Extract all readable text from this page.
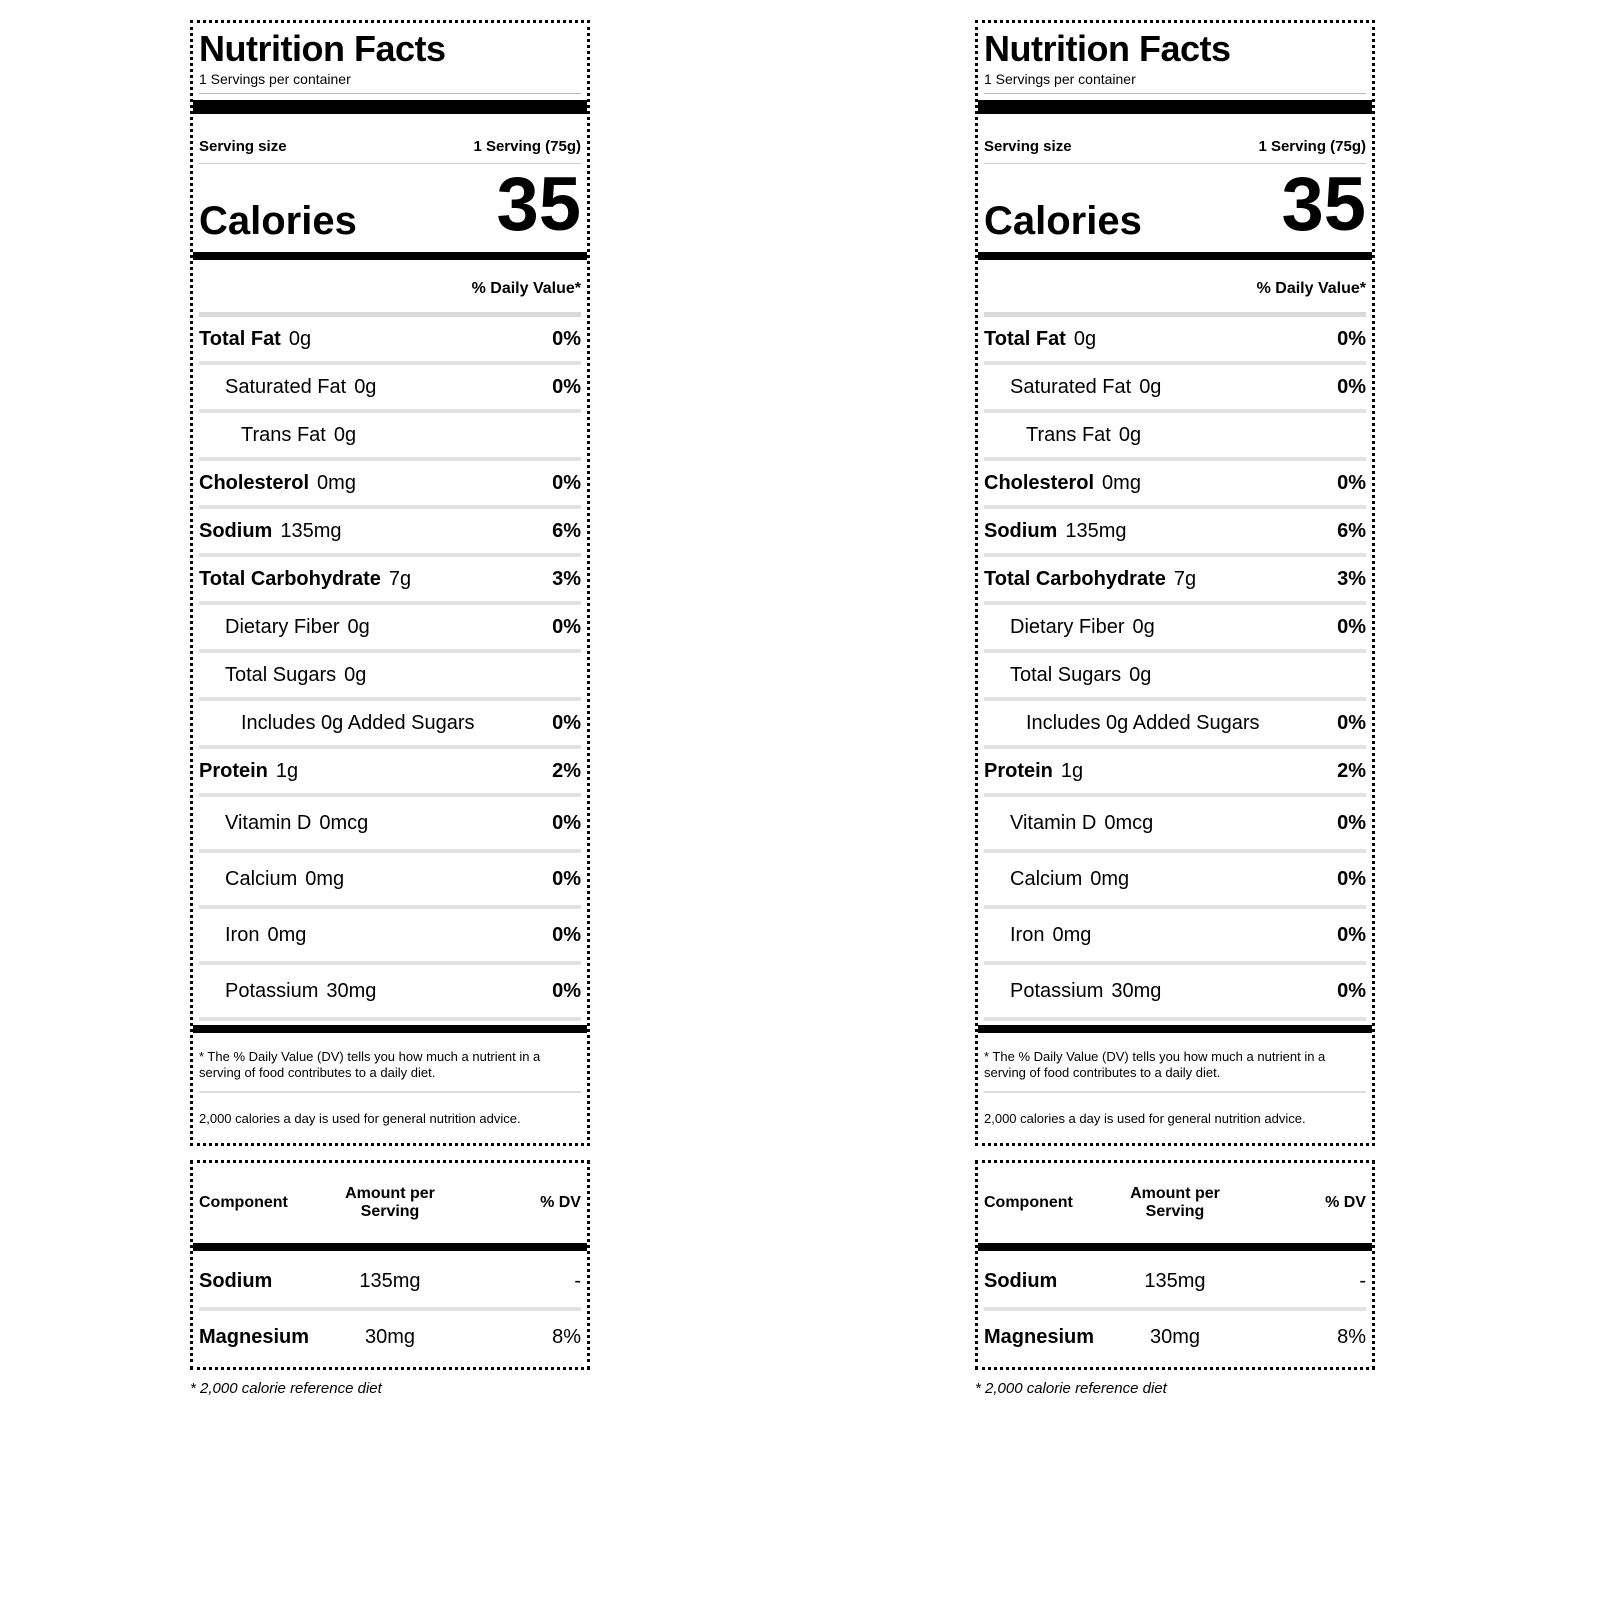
Nutrition Facts
1 Servings per container
Serving size	1 Serving (75g)
Calories 35
% Daily Value*
Total Fat 0g	0%
Saturated Fat 0g	0%
Trans Fat 0g
Cholesterol 0mg	0%
Sodium 135mg	6%
Total Carbohydrate 7g	3%
Dietary Fiber 0g	0%
Total Sugars 0g
Includes 0g Added Sugars	0%
Protein 1g	2%
Vitamin D 0mcg	0%
Calcium 0mg	0%
Iron 0mg	0%
Potassium 30mg	0%
* The % Daily Value (DV) tells you how much a nutrient in a serving of food contributes to a daily diet.
2,000 calories a day is used for general nutrition advice.
Component
Amount per Serving
% DV
Sodium	135mg	-
Magnesium	30mg	8%
* 2,000 calorie reference diet
Nutrition Facts
1 Servings per container
Serving size	1 Serving (75g)
Calories 35
% Daily Value*
Total Fat 0g	0%
Saturated Fat 0g	0%
Trans Fat 0g
Cholesterol 0mg	0%
Sodium 135mg	6%
Total Carbohydrate 7g	3%
Dietary Fiber 0g	0%
Total Sugars 0g
Includes 0g Added Sugars	0%
Protein 1g	2%
Vitamin D 0mcg	0%
Calcium 0mg	0%
Iron 0mg	0%
Potassium 30mg	0%
* The % Daily Value (DV) tells you how much a nutrient in a serving of food contributes to a daily diet.
2,000 calories a day is used for general nutrition advice.
Component
Amount per Serving
% DV
Sodium	135mg	-
Magnesium	30mg	8%
* 2,000 calorie reference diet
